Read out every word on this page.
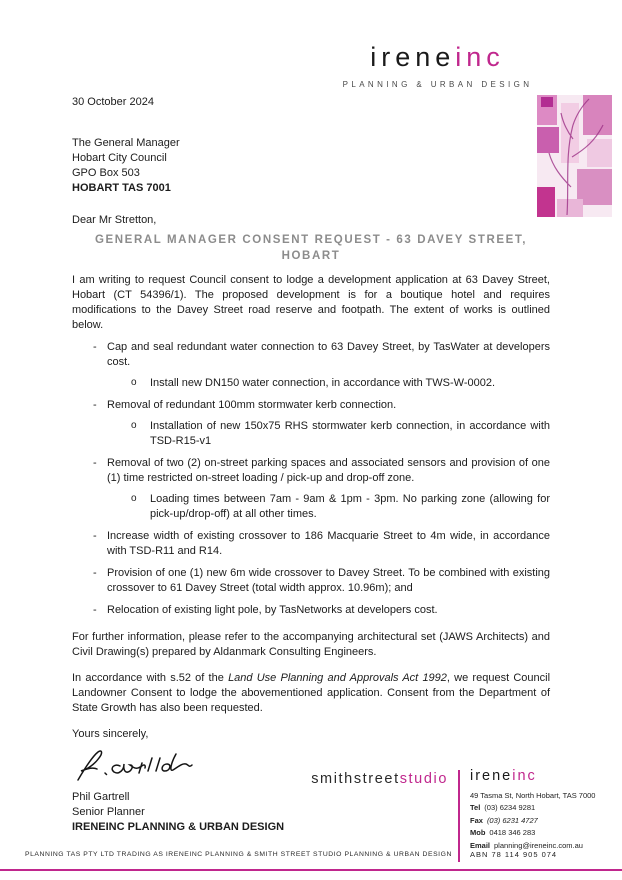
ireneinc
PLANNING & URBAN DESIGN
30 October 2024
The General Manager
Hobart City Council
GPO Box 503
HOBART TAS 7001
Dear Mr Stretton,
GENERAL MANAGER CONSENT REQUEST - 63 DAVEY STREET, HOBART
I am writing to request Council consent to lodge a development application at 63 Davey Street, Hobart (CT 54396/1). The proposed development is for a boutique hotel and requires modifications to the Davey Street road reserve and footpath. The extent of works is outlined below.
- Cap and seal redundant water connection to 63 Davey Street, by TasWater at developers cost.
o Install new DN150 water connection, in accordance with TWS-W-0002.
- Removal of redundant 100mm stormwater kerb connection.
o Installation of new 150x75 RHS stormwater kerb connection, in accordance with TSD-R15-v1
- Removal of two (2) on-street parking spaces and associated sensors and provision of one (1) time restricted on-street loading / pick-up and drop-off zone.
o Loading times between 7am - 9am & 1pm - 3pm. No parking zone (allowing for pick-up/drop-off) at all other times.
- Increase width of existing crossover to 186 Macquarie Street to 4m wide, in accordance with TSD-R11 and R14.
- Provision of one (1) new 6m wide crossover to Davey Street. To be combined with existing crossover to 61 Davey Street (total width approx. 10.96m); and
- Relocation of existing light pole, by TasNetworks at developers cost.
For further information, please refer to the accompanying architectural set (JAWS Architects) and Civil Drawing(s) prepared by Aldanmark Consulting Engineers.
In accordance with s.52 of the Land Use Planning and Approvals Act 1992, we request Council Landowner Consent to lodge the abovementioned application. Consent from the Department of State Growth has also been requested.
Yours sincerely,
Phil Gartrell
Senior Planner
IRENEINC PLANNING & URBAN DESIGN
smithstreetstudio ireneinc
49 Tasma St, North Hobart, TAS 7000
Tel (03) 6234 9281
Fax (03) 6231 4727
Mob 0418 346 283
Email planning@ireneinc.com.au
ABN 78 114 905 074
PLANNING TAS PTY LTD TRADING AS IRENEINC PLANNING & SMITH STREET STUDIO PLANNING & URBAN DESIGN
